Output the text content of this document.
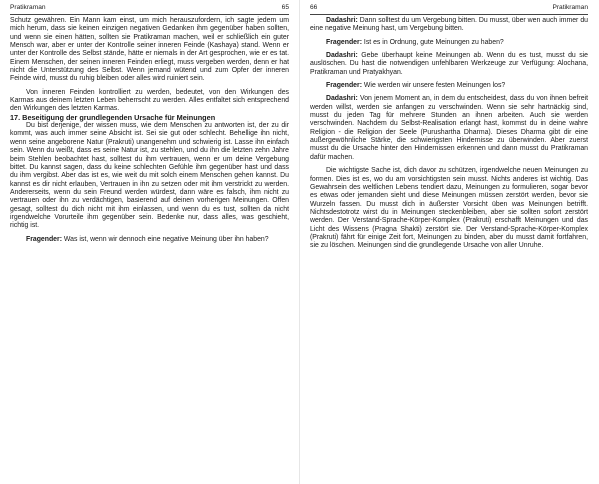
Pratikraman	65

Schutz gewähren. Ein Mann kam einst, um mich herauszufordern, ich sagte jedem um mich herum, dass sie keinen einzigen negativen Gedanken ihm gegenüber haben sollten, und wenn sie einen hätten, sollten sie Pratikraman machen, weil er schließlich ein guter Mensch war, aber er unter der Kontrolle seiner inneren Feinde (Kashaya) stand. Wenn er unter der Kontrolle des Selbst stände, hätte er niemals in der Art gesprochen, wie er es tat. Einem Menschen, der seinen inneren Feinden erliegt, muss vergeben werden, denn er hat nicht die Unterstützung des Selbst. Wenn jemand wütend und zum Opfer der inneren Feinde wird, musst du ruhig bleiben oder alles wird ruiniert sein.

Von inneren Feinden kontrolliert zu werden, bedeutet, von den Wirkungen des Karmas aus deinem letzten Leben beherrscht zu werden. Alles entfaltet sich entsprechend den Wirkungen des letzten Karmas.

17. Beseitigung der grundlegenden Ursache für Meinungen

Du bist derjenige, der wissen muss, wie dem Menschen zu antworten ist, der zu dir kommt, was auch immer seine Absicht ist. Sei sie gut oder schlecht. Behellige ihn nicht, wenn seine angeborene Natur (Prakruti) unangenehm und schwierig ist. Lasse ihn einfach sein. Wenn du weißt, dass es seine Natur ist, zu stehlen, und du ihn die letzten zehn Jahre beim Stehlen beobachtet hast, solltest du ihm vertrauen, wenn er um deine Vergebung bittet. Du kannst sagen, dass du keine schlechten Gefühle ihm gegenüber hast und dass du ihm vergibst. Aber das ist es, wie weit du mit solch einem Menschen gehen kannst. Du kannst es dir nicht erlauben, Vertrauen in ihn zu setzen oder mit ihm verstrickt zu werden. Andererseits, wenn du sein Freund werden würdest, dann wäre es falsch, ihm nicht zu vertrauen oder ihn zu verdächtigen, basierend auf deinen vorherigen Meinungen. Offen gesagt, solltest du dich nicht mit ihm einlassen, und wenn du es tust, sollten da nicht irgendwelche Vorurteile ihm gegenüber sein. Bedenke nur, dass alles, was geschieht, richtig ist.

Fragender: Was ist, wenn wir dennoch eine negative Meinung über ihn haben?

66	Pratikraman

Dadashri: Dann solltest du um Vergebung bitten. Du musst, über wen auch immer du eine negative Meinung hast, um Vergebung bitten.

Fragender: Ist es in Ordnung, gute Meinungen zu haben?

Dadashri: Gebe überhaupt keine Meinungen ab. Wenn du es tust, musst du sie auslöschen. Du hast die notwendigen unfehlbaren Werkzeuge zur Verfügung: Alochana, Pratikraman und Pratyakhyan.

Fragender: Wie werden wir unsere festen Meinungen los?

Dadashri: Von jenem Moment an, in dem du entscheidest, dass du von ihnen befreit werden willst, werden sie anfangen zu verschwinden. Wenn sie sehr hartnäckig sind, musst du jeden Tag für mehrere Stunden an ihnen arbeiten. Auch sie werden verschwinden. Nachdem du Selbst-Realisation erlangt hast, kommst du in deine wahre Religion - die Religion der Seele (Purushartha Dharma). Dieses Dharma gibt dir eine außergewöhnliche Stärke, die schwierigsten Hindernisse zu überwinden. Aber zuerst musst du die Ursache hinter den Hindernissen erkennen und dann musst du Pratikraman dafür machen.

Die wichtigste Sache ist, dich davor zu schützen, irgendwelche neuen Meinungen zu formen. Dies ist es, wo du am vorsichtigsten sein musst. Nichts anderes ist wichtig. Das Gewahrsein des weltlichen Lebens tendiert dazu, Meinungen zu formulieren, sogar bevor es etwas oder jemanden sieht und diese Meinungen müssen zerstört werden, bevor sie Wurzeln fassen. Du musst dich in äußerster Vorsicht üben was Meinungen betrifft. Nichtsdestotrotz wirst du in Meinungen steckenbleiben, aber sie sollten sofort zerstört werden. Der Verstand-Sprache-Körper-Komplex (Prakruti) erschafft Meinungen und das Licht des Wissens (Pragna Shakti) zerstört sie. Der Verstand-Sprache-Körper-Komplex (Prakruti) fährt für einige Zeit fort, Meinungen zu binden, aber du musst damit fortfahren, sie zu löschen. Meinungen sind die grundlegende Ursache von aller Unruhe.
